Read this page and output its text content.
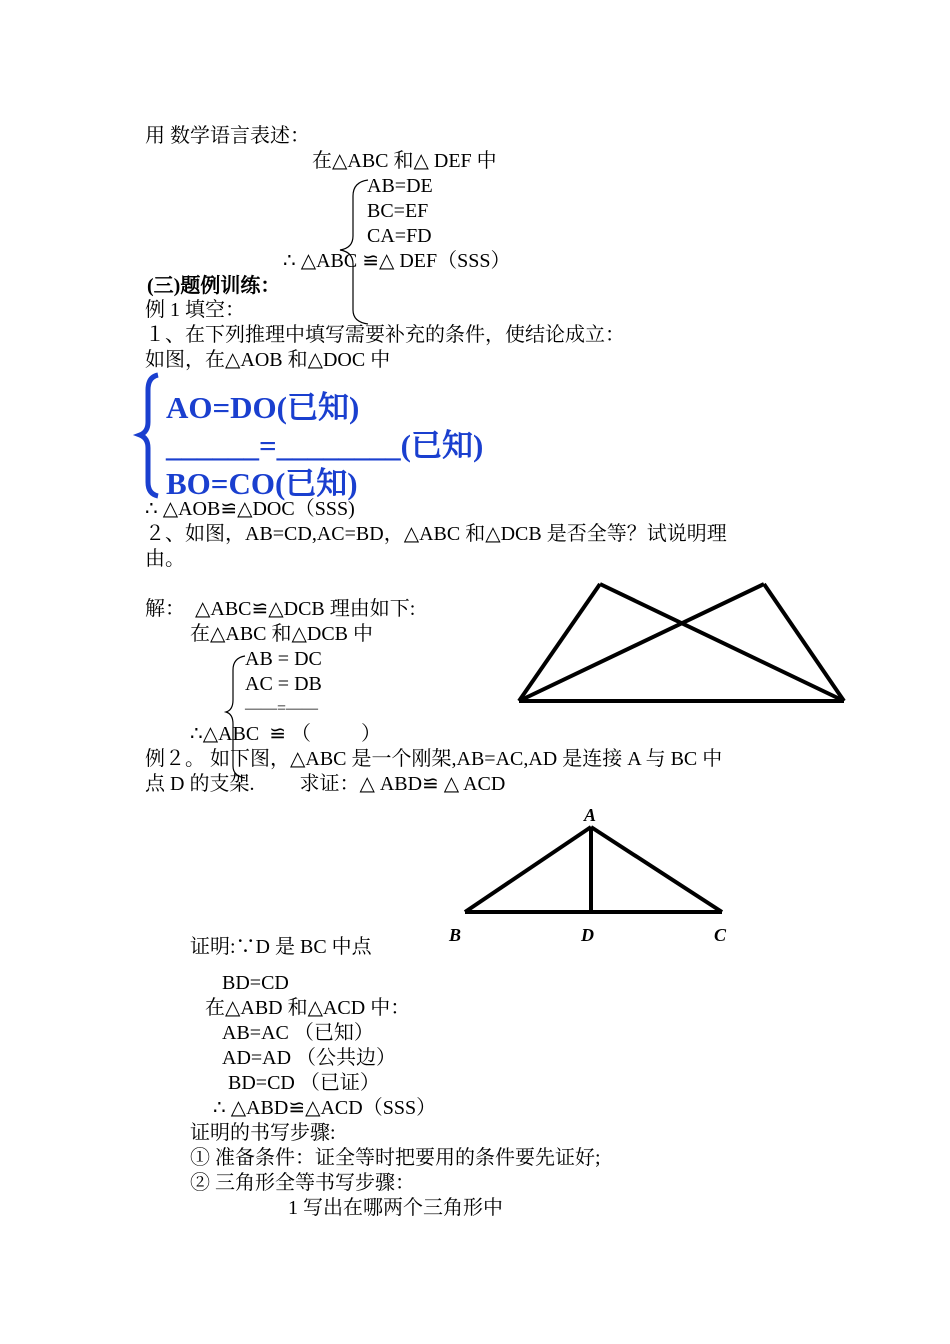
用 数学语言表述：
在△ABC 和△ DEF 中
AB=DE
BC=EF
CA=FD
∴ △ABC ≌△ DEF（SSS）
(三)题例训练：
例 1 填空：
１、在下列推理中填写需要补充的条件，使结论成立：
如图，在△AOB 和△DOC 中
AO=DO(已知)
______=________(已知)
BO=CO(已知)
∴ △AOB≌△DOC（SSS)
２、如图，AB=CD,AC=BD，△ABC 和△DCB 是否全等？试说明理
由。
解：  △ABC≌△DCB 理由如下:
在△ABC 和△DCB 中
AB = DC
AC = DB
——=——
∴△ABC  ≌ （          ）
例２。 如下图，△ABC 是一个刚架,AB=AC,AD 是连接 A 与 BC 中
点 D 的支架.         求证：△ ABD≌ △ ACD
A
B	D	C
证明:∵D 是 BC 中点
BD=CD
在△ABD 和△ACD 中：
AB=AC （已知）
AD=AD （公共边）
BD=CD （已证）
∴ △ABD≌△ACD（SSS）
证明的书写步骤:
① 准备条件：证全等时把要用的条件要先证好;
② 三角形全等书写步骤：
1 写出在哪两个三角形中
